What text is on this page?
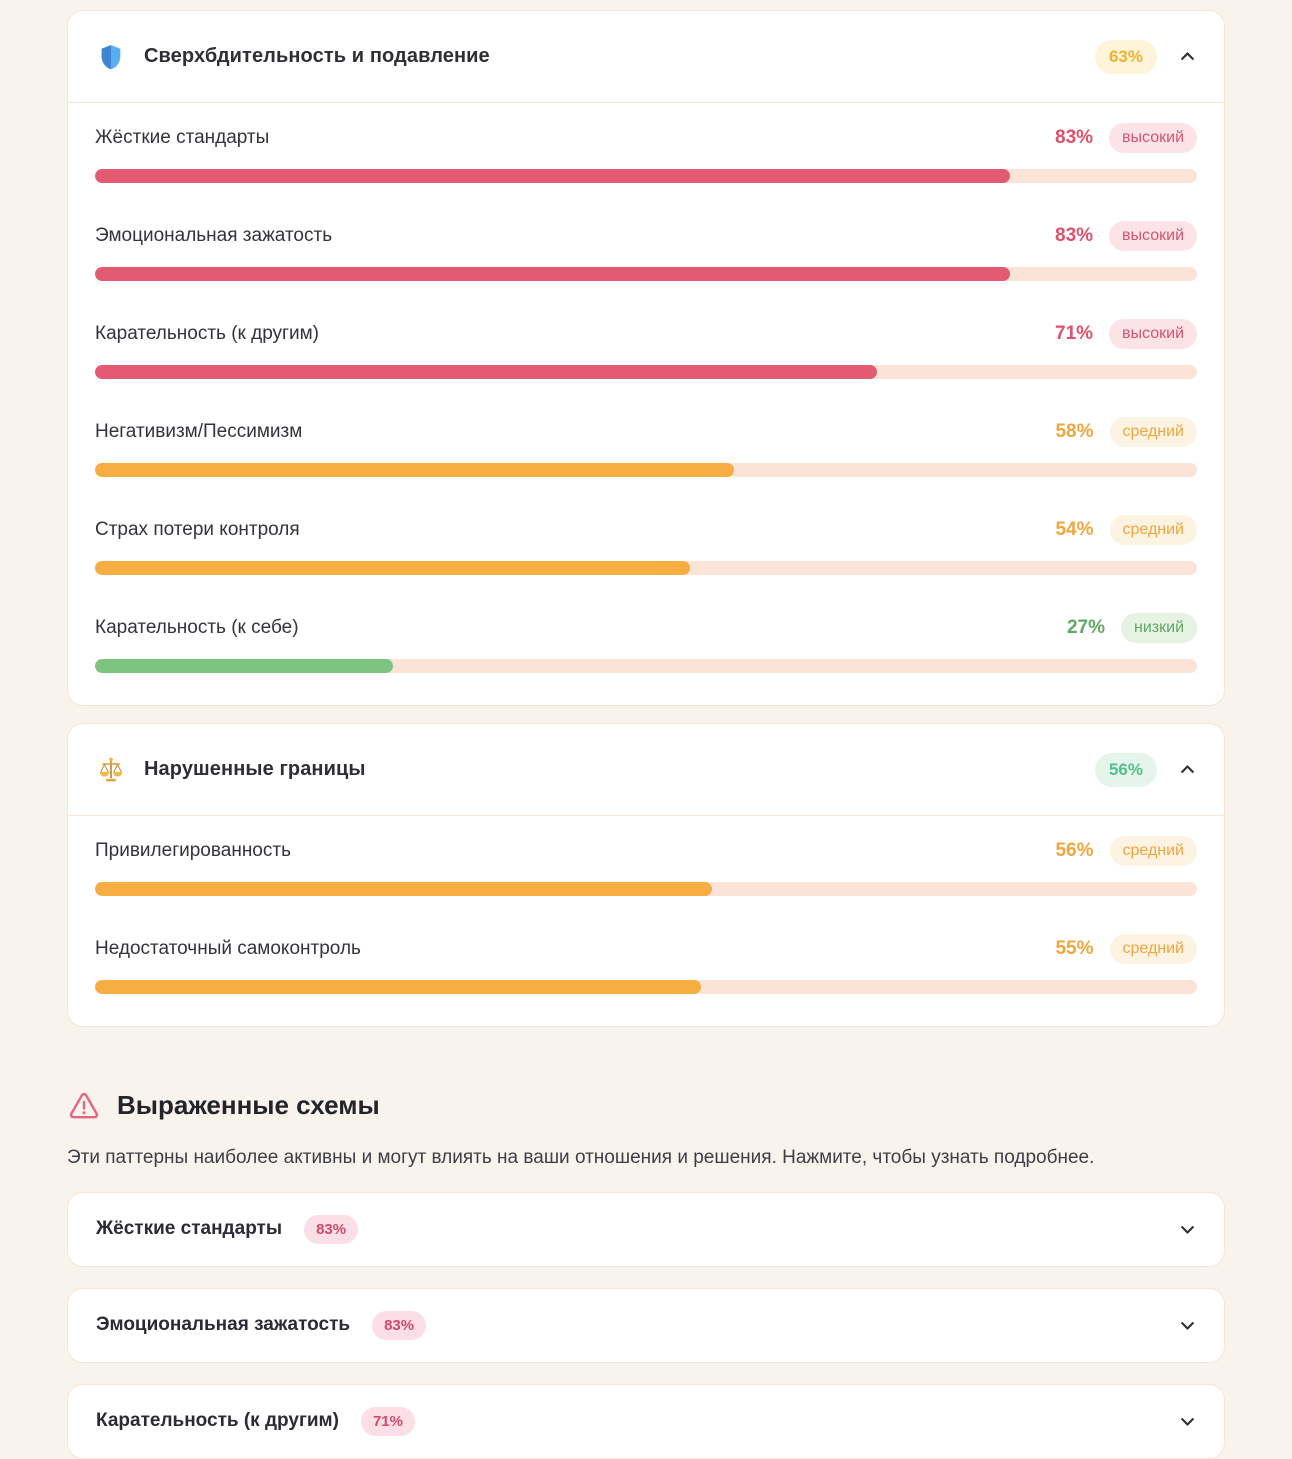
Сверхбдительность и подавление	63%
Жёсткие стандарты	83%	высокий
Эмоциональная зажатость	83%	высокий
Карательность (к другим)	71%	высокий
Негативизм/Пессимизм	58%	средний
Страх потери контроля	54%	средний
Карательность (к себе)	27%	низкий
Нарушенные границы	56%
Привилегированность	56%	средний
Недостаточный самоконтроль	55%	средний
Выраженные схемы
Эти паттерны наиболее активны и могут влиять на ваши отношения и решения. Нажмите, чтобы узнать подробнее.
Жёсткие стандарты	83%
Эмоциональная зажатость	83%
Карательность (к другим)	71%
